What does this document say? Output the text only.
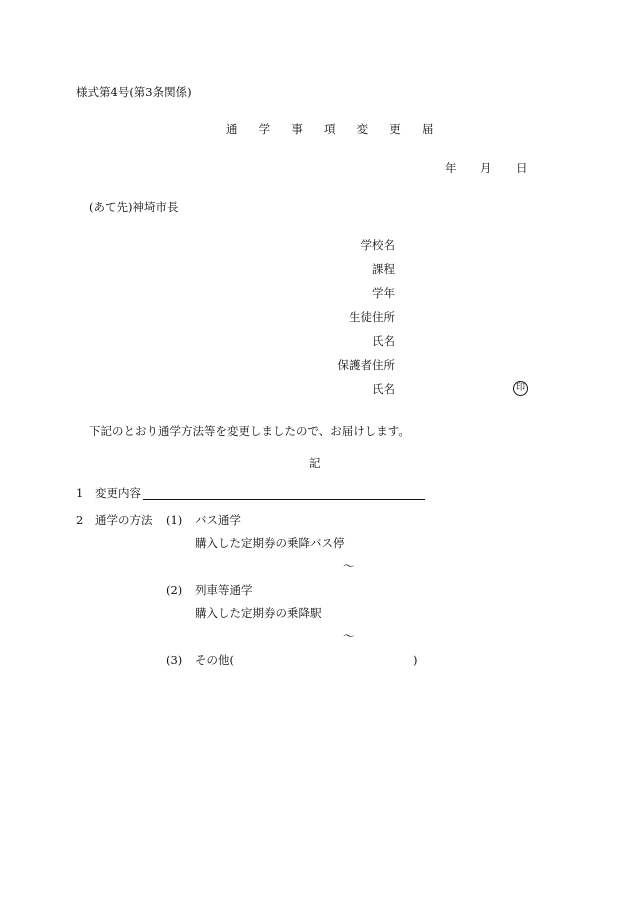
様式第4号(第3条関係)
通 学 事 項 変 更 届
年 月 日
(あて先)神埼市長
学校名
課程
学年
生徒住所
氏名
保護者住所
氏名	印
下記のとおり通学方法等を変更しましたので、お届けします。
記
1 変更内容
2 通学の方法 (1) バス通学
購入した定期券の乗降バス停
〜
(2) 列車等通学
購入した定期券の乗降駅
〜
(3) その他(	)
